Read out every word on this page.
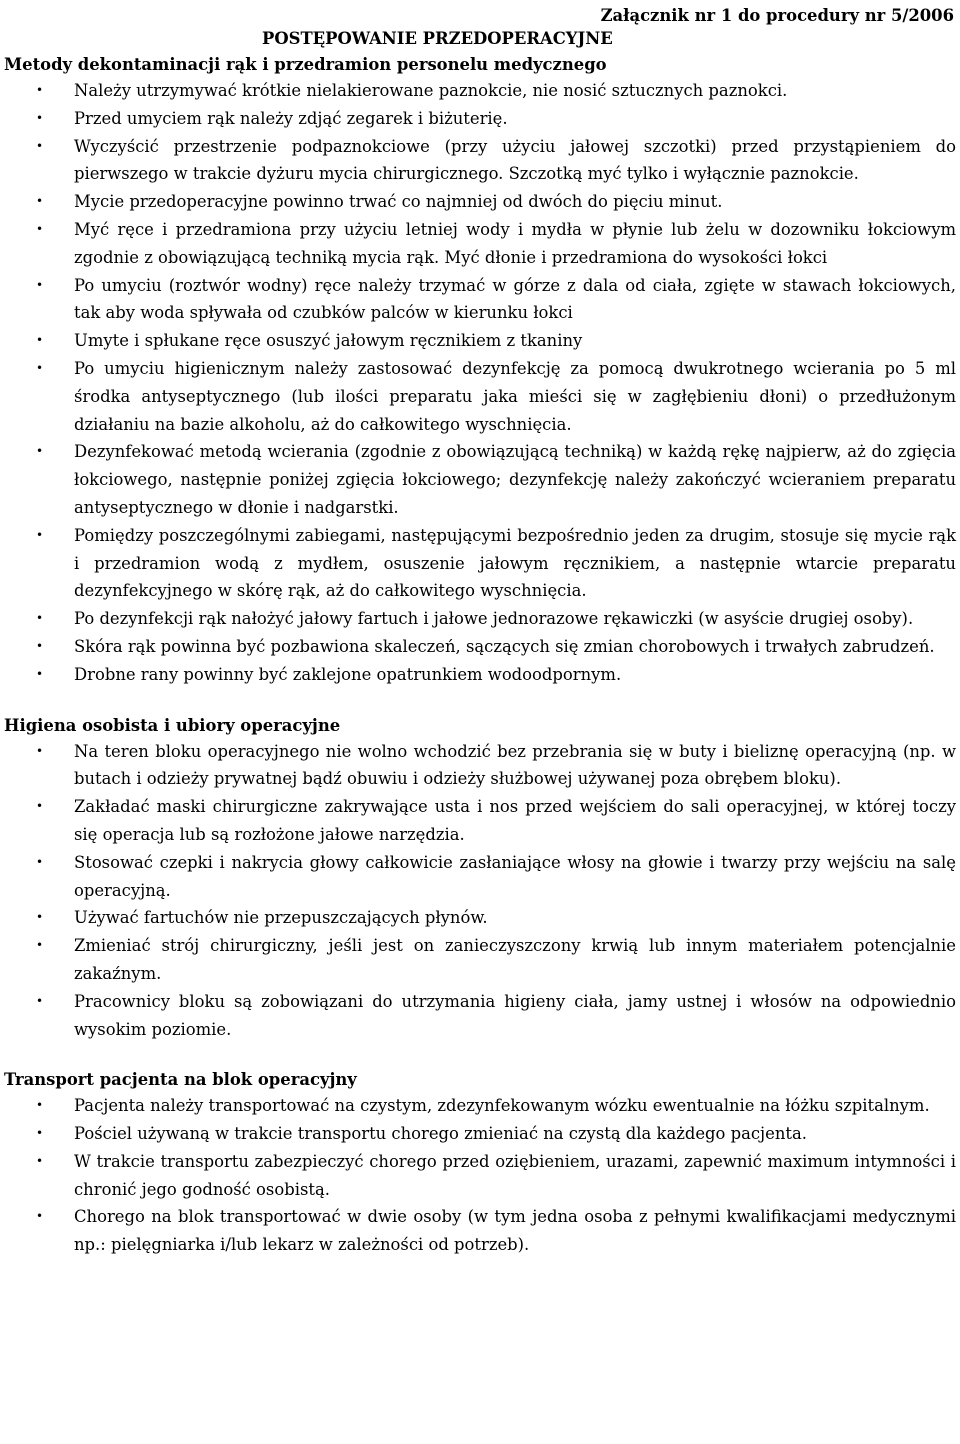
Załącznik nr 1 do procedury nr 5/2006
POSTĘPOWANIE PRZEDOPERACYJNE
Metody dekontaminacji rąk i przedramion personelu medycznego
• Należy utrzymywać krótkie nielakierowane paznokcie, nie nosić sztucznych paznokci.
• Przed umyciem rąk należy zdjąć zegarek i biżuterię.
• Wyczyścić przestrzenie podpaznokciowe (przy użyciu jałowej szczotki) przed przystąpieniem do pierwszego w trakcie dyżuru mycia chirurgicznego. Szczotką myć tylko i wyłącznie paznokcie.
• Mycie przedoperacyjne powinno trwać co najmniej od dwóch do pięciu minut.
• Myć ręce i przedramiona przy użyciu letniej wody i mydła w płynie lub żelu w dozowniku łokciowym zgodnie z obowiązującą techniką mycia rąk. Myć dłonie i przedramiona do wysokości łokci
• Po umyciu (roztwór wodny) ręce należy trzymać w górze z dala od ciała, zgięte w stawach łokciowych, tak aby woda spływała od czubków palców w kierunku łokci
• Umyte i spłukane ręce osuszyć jałowym ręcznikiem z tkaniny
• Po umyciu higienicznym należy zastosować dezynfekcję za pomocą dwukrotnego wcierania po 5 ml środka antyseptycznego (lub ilości preparatu jaka mieści się w zagłębieniu dłoni) o przedłużonym działaniu na bazie alkoholu, aż do całkowitego wyschnięcia.
• Dezynfekować metodą wcierania (zgodnie z obowiązującą techniką) w każdą rękę najpierw, aż do zgięcia łokciowego, następnie poniżej zgięcia łokciowego; dezynfekcję należy zakończyć wcieraniem preparatu antyseptycznego w dłonie i nadgarstki.
• Pomiędzy poszczególnymi zabiegami, następującymi bezpośrednio jeden za drugim, stosuje się mycie rąk i przedramion wodą z mydłem, osuszenie jałowym ręcznikiem, a następnie wtarcie preparatu dezynfekcyjnego w skórę rąk, aż do całkowitego wyschnięcia.
• Po dezynfekcji rąk nałożyć jałowy fartuch i jałowe jednorazowe rękawiczki (w asyście drugiej osoby).
• Skóra rąk powinna być pozbawiona skaleczeń, sączących się zmian chorobowych i trwałych zabrudzeń.
• Drobne rany powinny być zaklejone opatrunkiem wodoodpornym.
Higiena osobista i ubiory operacyjne
• Na teren bloku operacyjnego nie wolno wchodzić bez przebrania się w buty i bieliznę operacyjną (np. w butach i odzieży prywatnej bądź obuwiu i odzieży służbowej używanej poza obrębem bloku).
• Zakładać maski chirurgiczne zakrywające usta i nos przed wejściem do sali operacyjnej, w której toczy się operacja lub są rozłożone jałowe narzędzia.
• Stosować czepki i nakrycia głowy całkowicie zasłaniające włosy na głowie i twarzy przy wejściu na salę operacyjną.
• Używać fartuchów nie przepuszczających płynów.
• Zmieniać strój chirurgiczny, jeśli jest on zanieczyszczony krwią lub innym materiałem potencjalnie zakaźnym.
• Pracownicy bloku są zobowiązani do utrzymania higieny ciała, jamy ustnej i włosów na odpowiednio wysokim poziomie.
Transport pacjenta na blok operacyjny
• Pacjenta należy transportować na czystym, zdezynfekowanym wózku ewentualnie na łóżku szpitalnym.
• Pościel używaną w trakcie transportu chorego zmieniać na czystą dla każdego pacjenta.
• W trakcie transportu zabezpieczyć chorego przed oziębieniem, urazami, zapewnić maximum intymności i chronić jego godność osobistą.
• Chorego na blok transportować w dwie osoby (w tym jedna osoba z pełnymi kwalifikacjami medycznymi np.: pielęgniarka i/lub lekarz w zależności od potrzeb).
